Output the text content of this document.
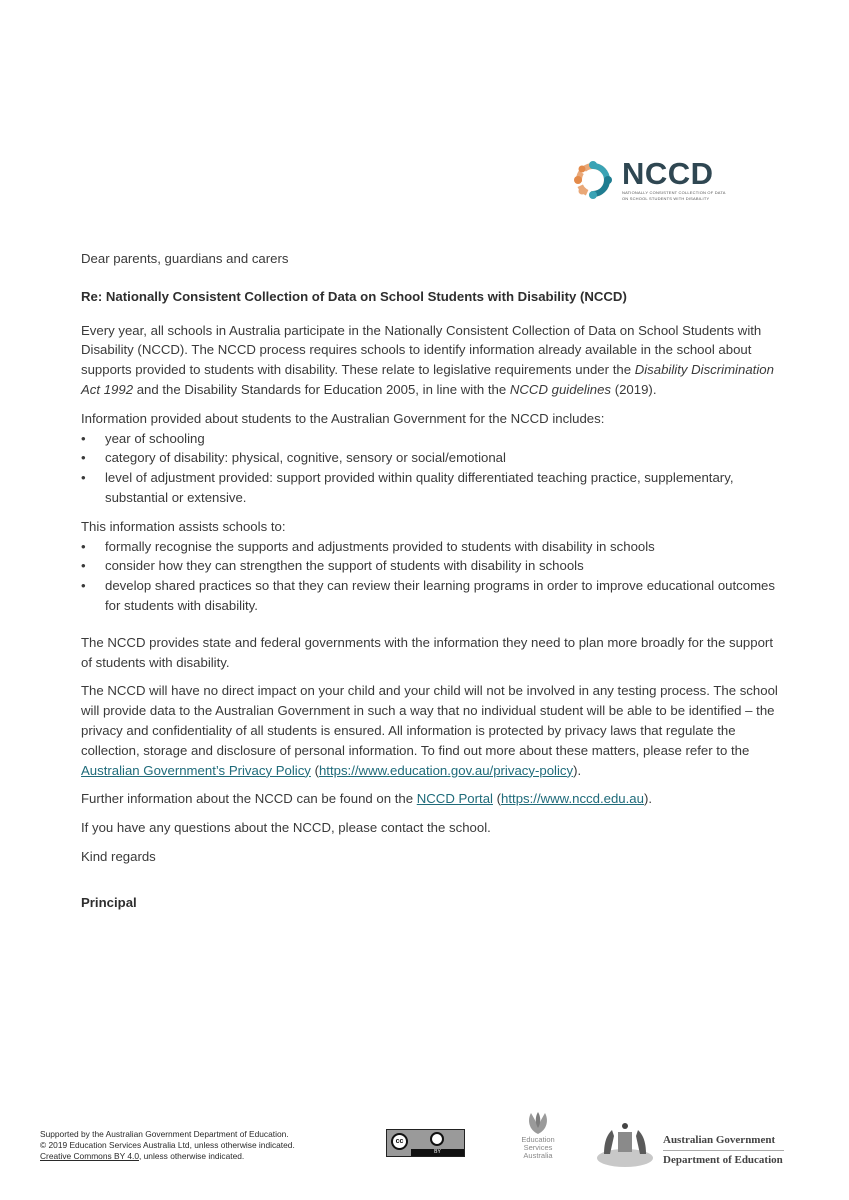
NCCD
NATIONALLY CONSISTENT COLLECTION OF DATA
ON SCHOOL STUDENTS WITH DISABILITY

Dear parents, guardians and carers

Re: Nationally Consistent Collection of Data on School Students with Disability (NCCD)

Every year, all schools in Australia participate in the Nationally Consistent Collection of Data on School Students with Disability (NCCD). The NCCD process requires schools to identify information already available in the school about supports provided to students with disability. These relate to legislative requirements under the Disability Discrimination Act 1992 and the Disability Standards for Education 2005, in line with the NCCD guidelines (2019).

Information provided about students to the Australian Government for the NCCD includes:

• year of schooling
• category of disability: physical, cognitive, sensory or social/emotional
• level of adjustment provided: support provided within quality differentiated teaching practice, supplementary, substantial or extensive.

This information assists schools to:

• formally recognise the supports and adjustments provided to students with disability in schools
• consider how they can strengthen the support of students with disability in schools
• develop shared practices so that they can review their learning programs in order to improve educational outcomes for students with disability.

The NCCD provides state and federal governments with the information they need to plan more broadly for the support of students with disability.

The NCCD will have no direct impact on your child and your child will not be involved in any testing process. The school will provide data to the Australian Government in such a way that no individual student will be able to be identified – the privacy and confidentiality of all students is ensured. All information is protected by privacy laws that regulate the collection, storage and disclosure of personal information. To find out more about these matters, please refer to the Australian Government’s Privacy Policy (https://www.education.gov.au/privacy-policy).

Further information about the NCCD can be found on the NCCD Portal (https://www.nccd.edu.au).

If you have any questions about the NCCD, please contact the school.

Kind regards

Principal

Supported by the Australian Government Department of Education.
© 2019 Education Services Australia Ltd, unless otherwise indicated.
Creative Commons BY 4.0, unless otherwise indicated.
cc
BY
Education
Services
Australia
Australian Government
Department of Education
